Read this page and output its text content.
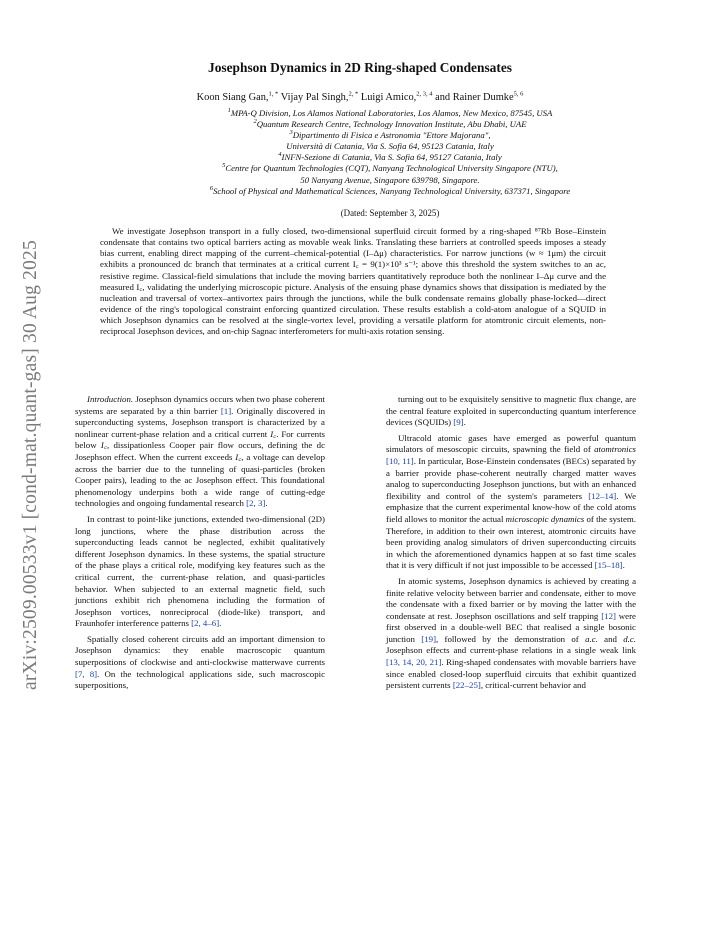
arXiv:2509.00533v1 [cond-mat.quant-gas] 30 Aug 2025
Josephson Dynamics in 2D Ring-shaped Condensates
Koon Siang Gan,$^{1, *}$ Vijay Pal Singh,$^{2, *}$ Luigi Amico,$^{2, 3, 4}$ and Rainer Dumke$^{5, 6}$
$^1$MPA-Q Division, Los Alamos National Laboratories, Los Alamos, New Mexico, 87545, USA
$^2$Quantum Research Centre, Technology Innovation Institute, Abu Dhabi, UAE
$^3$Dipartimento di Fisica e Astronomia "Ettore Majorana",
Università di Catania, Via S. Sofia 64, 95123 Catania, Italy
$^4$INFN-Sezione di Catania, Via S. Sofia 64, 95127 Catania, Italy
$^5$Centre for Quantum Technologies (CQT), Nanyang Technological University Singapore (NTU),
50 Nanyang Avenue, Singapore 639798, Singapore.
$^6$School of Physical and Mathematical Sciences, Nanyang Technological University, 637371, Singapore
(Dated: September 3, 2025)
We investigate Josephson transport in a fully closed, two-dimensional superfluid circuit formed by a ring-shaped ⁸⁷Rb Bose–Einstein condensate that contains two optical barriers acting as movable weak links. Translating these barriers at controlled speeds imposes a steady bias current, enabling direct mapping of the current–chemical-potential (I–Δμ) characteristics. For narrow junctions (w ≈ 1μm) the circuit exhibits a pronounced dc branch that terminates at a critical current I꜀ = 9(1)×10³ s⁻¹; above this threshold the system switches to an ac, resistive regime. Classical-field simulations that include the moving barriers quantitatively reproduce both the nonlinear I–Δμ curve and the measured I꜀, validating the underlying microscopic picture. Analysis of the ensuing phase dynamics shows that dissipation is mediated by the nucleation and traversal of vortex–antivortex pairs through the junctions, while the bulk condensate remains globally phase-locked—direct evidence of the ring's topological constraint enforcing quantized circulation. These results establish a cold-atom analogue of a SQUID in which Josephson dynamics can be resolved at the single-vortex level, providing a versatile platform for atomtronic circuit elements, non-reciprocal Josephson devices, and on-chip Sagnac interferometers for multi-axis rotation sensing.

Introduction. Josephson dynamics occurs when two phase coherent systems are separated by a thin barrier [1]. Originally discovered in superconducting systems, Josephson transport is characterized by a nonlinear current-phase relation and a critical current I꜀. For currents below I꜀, dissipationless Cooper pair flow occurs, defining the dc Josephson effect. When the current exceeds I꜀, a voltage can develop across the barrier due to the tunneling of quasi-particles (broken Cooper pairs), leading to the ac Josephson effect. This foundational phenomenology underpins both a wide range of cutting-edge technologies and ongoing fundamental research [2, 3].

In contrast to point-like junctions, extended two-dimensional (2D) long junctions, where the phase distribution across the superconducting leads cannot be neglected, exhibit qualitatively different Josephson dynamics. In these systems, the spatial structure of the phase plays a critical role, modifying key features such as the critical current, the current-phase relation, and quasi-particles behavior. When subjected to an external magnetic field, such junctions exhibit rich phenomena including the formation of Josephson vortices, nonreciprocal (diode-like) transport, and Fraunhofer interference patterns [2, 4–6].

Spatially closed coherent circuits add an important dimension to Josephson dynamics: they enable macroscopic quantum superpositions of clockwise and anti-clockwise matterwave currents [7, 8]. On the technological applications side, such macroscopic superpositions,

turning out to be exquisitely sensitive to magnetic flux change, are the central feature exploited in superconducting quantum interference devices (SQUIDs) [9].

Ultracold atomic gases have emerged as powerful quantum simulators of mesoscopic circuits, spawning the field of atomtronics [10, 11]. In particular, Bose-Einstein condensates (BECs) separated by a barrier provide phase-coherent neutrally charged matter waves analog to superconducting Josephson junctions, but with an enhanced flexibility and control of the system's parameters [12–14]. We emphasize that the current experimental know-how of the cold atoms field allows to monitor the actual microscopic dynamics of the system. Therefore, in addition to their own interest, atomtronic circuits have been providing analog simulators of driven superconducting circuits in which the aforementioned dynamics happen at so fast time scales that it is very difficult if not just impossible to be accessed [15–18].

In atomic systems, Josephson dynamics is achieved by creating a finite relative velocity between barrier and condensate, either to move the condensate with a fixed barrier or by moving the latter with the condensate at rest. Josephson oscillations and self trapping [12] were first observed in a double-well BEC that realised a single bosonic junction [19], followed by the demonstration of a.c. and d.c. Josephson effects and current-phase relations in a single weak link [13, 14, 20, 21]. Ring-shaped condensates with movable barriers have since enabled closed-loop superfluid circuits that exhibit quantized persistent currents [22–25], critical-current behavior and
